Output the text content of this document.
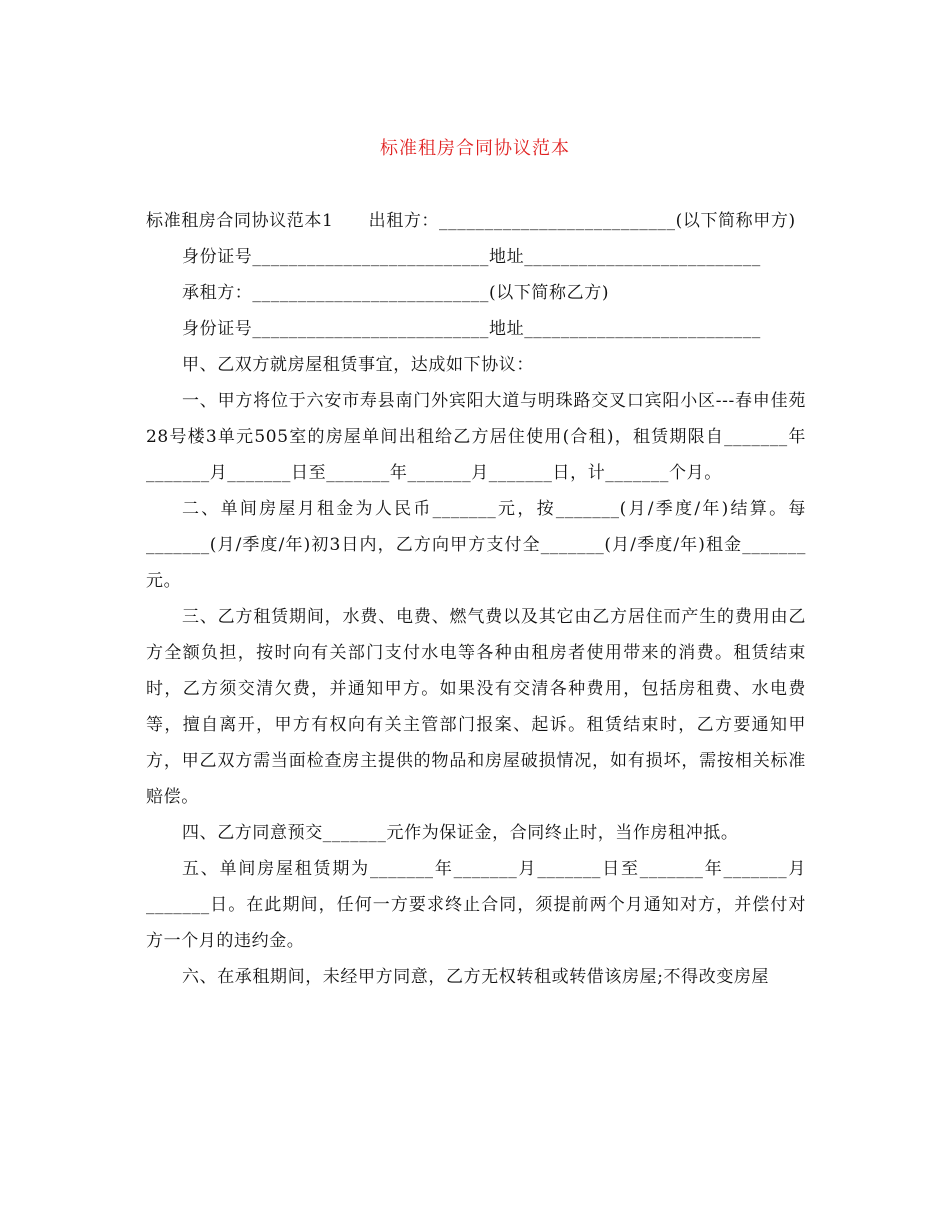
标准租房合同协议范本

标准租房合同协议范本1　　出租方：__________________________(以下简称甲方)

身份证号__________________________地址__________________________

承租方：__________________________(以下简称乙方)

身份证号__________________________地址__________________________

甲、乙双方就房屋租赁事宜，达成如下协议：

一、甲方将位于六安市寿县南门外宾阳大道与明珠路交叉口宾阳小区---春申佳苑28号楼3单元505室的房屋单间出租给乙方居住使用(合租)，租赁期限自_______年_______月_______日至_______年_______月_______日，计_______个月。

二、单间房屋月租金为人民币_______元，按_______(月/季度/年)结算。每_______(月/季度/年)初3日内，乙方向甲方支付全_______(月/季度/年)租金_______元。

三、乙方租赁期间，水费、电费、燃气费以及其它由乙方居住而产生的费用由乙方全额负担，按时向有关部门支付水电等各种由租房者使用带来的消费。租赁结束时，乙方须交清欠费，并通知甲方。如果没有交清各种费用，包括房租费、水电费等，擅自离开，甲方有权向有关主管部门报案、起诉。租赁结束时，乙方要通知甲方，甲乙双方需当面检查房主提供的物品和房屋破损情况，如有损坏，需按相关标准赔偿。

四、乙方同意预交_______元作为保证金，合同终止时，当作房租冲抵。

五、单间房屋租赁期为_______年_______月_______日至_______年_______月_______日。在此期间，任何一方要求终止合同，须提前两个月通知对方，并偿付对方一个月的违约金。

六、在承租期间，未经甲方同意，乙方无权转租或转借该房屋;不得改变房屋
